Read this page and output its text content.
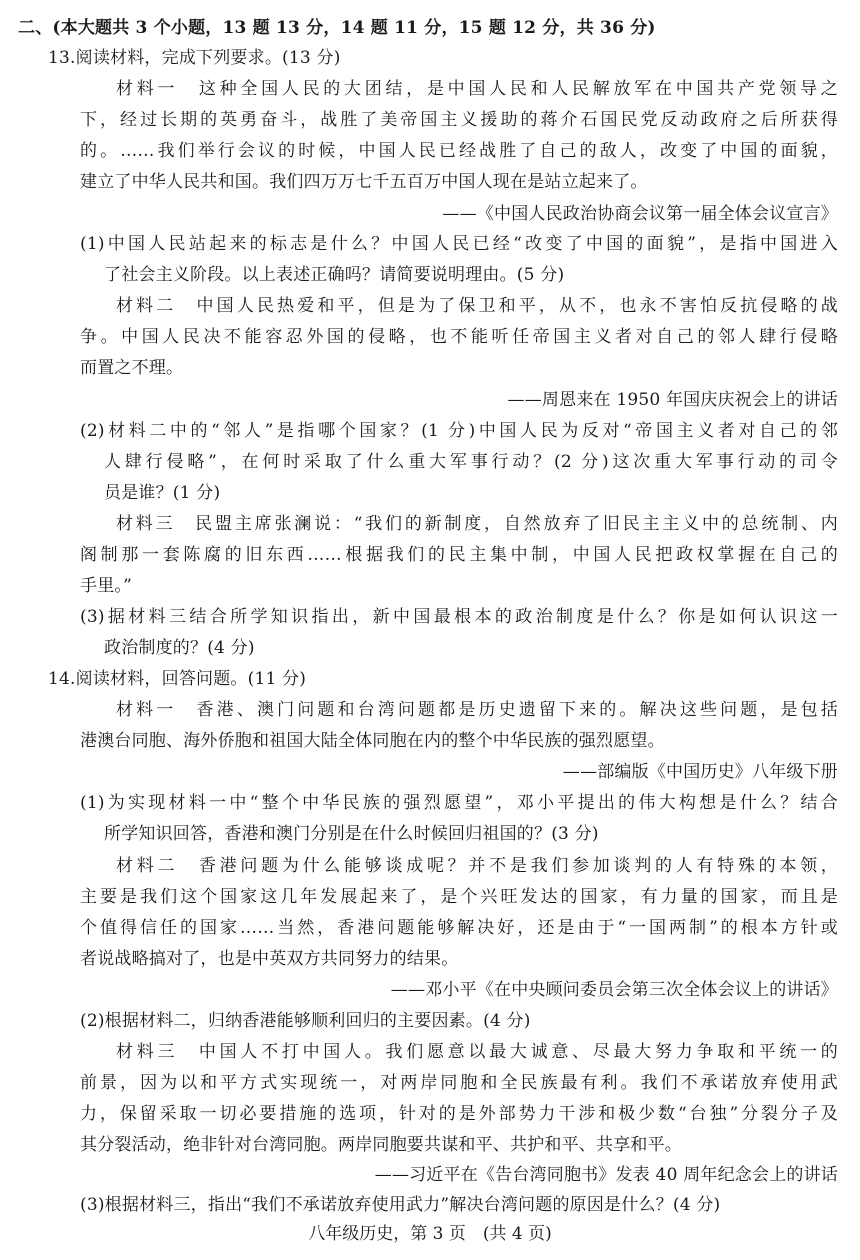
二、(本大题共 3 个小题，13 题 13 分，14 题 11 分，15 题 12 分，共 36 分)
13.阅读材料，完成下列要求。(13 分)
材料一　这种全国人民的大团结，是中国人民和人民解放军在中国共产党领导之
下，经过长期的英勇奋斗，战胜了美帝国主义援助的蒋介石国民党反动政府之后所获得
的。……我们举行会议的时候，中国人民已经战胜了自己的敌人，改变了中国的面貌，
建立了中华人民共和国。我们四万万七千五百万中国人现在是站立起来了。
——《中国人民政治协商会议第一届全体会议宣言》
(1)中国人民站起来的标志是什么？中国人民已经“改变了中国的面貌”，是指中国进入
了社会主义阶段。以上表述正确吗？请简要说明理由。(5 分)
材料二　中国人民热爱和平，但是为了保卫和平，从不，也永不害怕反抗侵略的战
争。中国人民决不能容忍外国的侵略，也不能听任帝国主义者对自己的邻人肆行侵略
而置之不理。
——周恩来在 1950 年国庆庆祝会上的讲话
(2)材料二中的“邻人”是指哪个国家？(1 分)中国人民为反对“帝国主义者对自己的邻
人肆行侵略”，在何时采取了什么重大军事行动？(2 分)这次重大军事行动的司令
员是谁？(1 分)
材料三　民盟主席张澜说：“我们的新制度，自然放弃了旧民主主义中的总统制、内
阁制那一套陈腐的旧东西……根据我们的民主集中制，中国人民把政权掌握在自己的
手里。”
(3)据材料三结合所学知识指出，新中国最根本的政治制度是什么？你是如何认识这一
政治制度的？(4 分)
14.阅读材料，回答问题。(11 分)
材料一　香港、澳门问题和台湾问题都是历史遗留下来的。解决这些问题，是包括
港澳台同胞、海外侨胞和祖国大陆全体同胞在内的整个中华民族的强烈愿望。
——部编版《中国历史》八年级下册
(1)为实现材料一中“整个中华民族的强烈愿望”，邓小平提出的伟大构想是什么？结合
所学知识回答，香港和澳门分别是在什么时候回归祖国的？(3 分)
材料二　香港问题为什么能够谈成呢？并不是我们参加谈判的人有特殊的本领，
主要是我们这个国家这几年发展起来了，是个兴旺发达的国家，有力量的国家，而且是
个值得信任的国家……当然，香港问题能够解决好，还是由于“一国两制”的根本方针或
者说战略搞对了，也是中英双方共同努力的结果。
——邓小平《在中央顾问委员会第三次全体会议上的讲话》
(2)根据材料二，归纳香港能够顺利回归的主要因素。(4 分)
材料三　中国人不打中国人。我们愿意以最大诚意、尽最大努力争取和平统一的
前景，因为以和平方式实现统一，对两岸同胞和全民族最有利。我们不承诺放弃使用武
力，保留采取一切必要措施的选项，针对的是外部势力干涉和极少数“台独”分裂分子及
其分裂活动，绝非针对台湾同胞。两岸同胞要共谋和平、共护和平、共享和平。
——习近平在《告台湾同胞书》发表 40 周年纪念会上的讲话
(3)根据材料三，指出“我们不承诺放弃使用武力”解决台湾问题的原因是什么？(4 分)
八年级历史，第 3 页　(共 4 页)
